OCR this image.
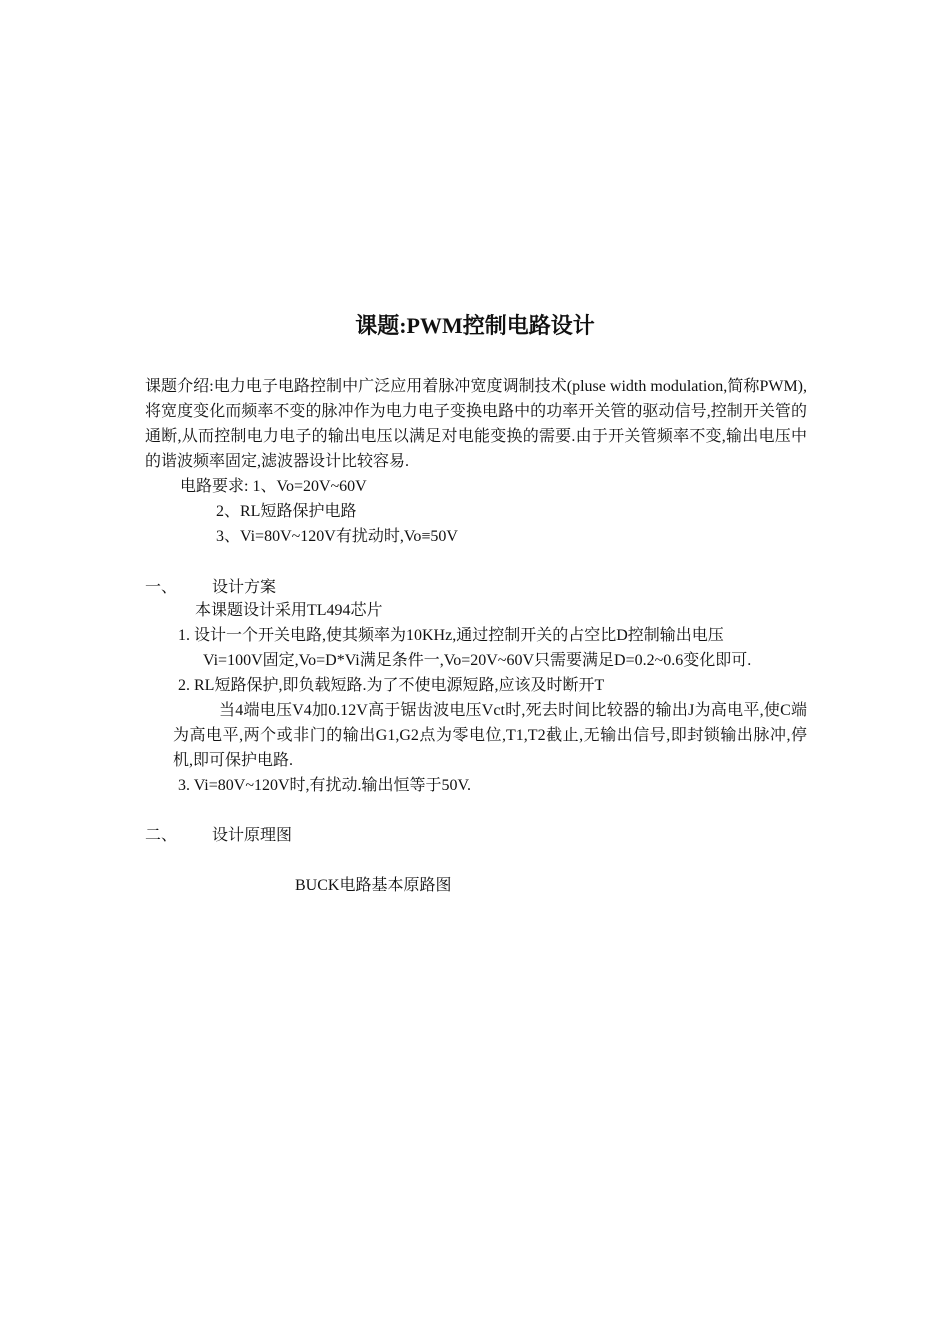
课题:PWM控制电路设计
课题介绍:电力电子电路控制中广泛应用着脉冲宽度调制技术(pluse width modulation,简称PWM),将宽度变化而频率不变的脉冲作为电力电子变换电路中的功率开关管的驱动信号,控制开关管的通断,从而控制电力电子的输出电压以满足对电能变换的需要.由于开关管频率不变,输出电压中的谐波频率固定,滤波器设计比较容易.
电路要求: 1、Vo=20V~60V
2、RL短路保护电路
3、Vi=80V~120V有扰动时,Vo≡50V
一、 设计方案
本课题设计采用TL494芯片
1. 设计一个开关电路,使其频率为10KHz,通过控制开关的占空比D控制输出电压
Vi=100V固定,Vo=D*Vi满足条件一,Vo=20V~60V只需要满足D=0.2~0.6变化即可.
2. RL短路保护,即负载短路.为了不使电源短路,应该及时断开T
当4端电压V4加0.12V高于锯齿波电压Vct时,死去时间比较器的输出J为高电平,使C端为高电平,两个或非门的输出G1,G2点为零电位,T1,T2截止,无输出信号,即封锁输出脉冲,停机,即可保护电路.
3. Vi=80V~120V时,有扰动.输出恒等于50V.
二、 设计原理图
BUCK电路基本原路图
